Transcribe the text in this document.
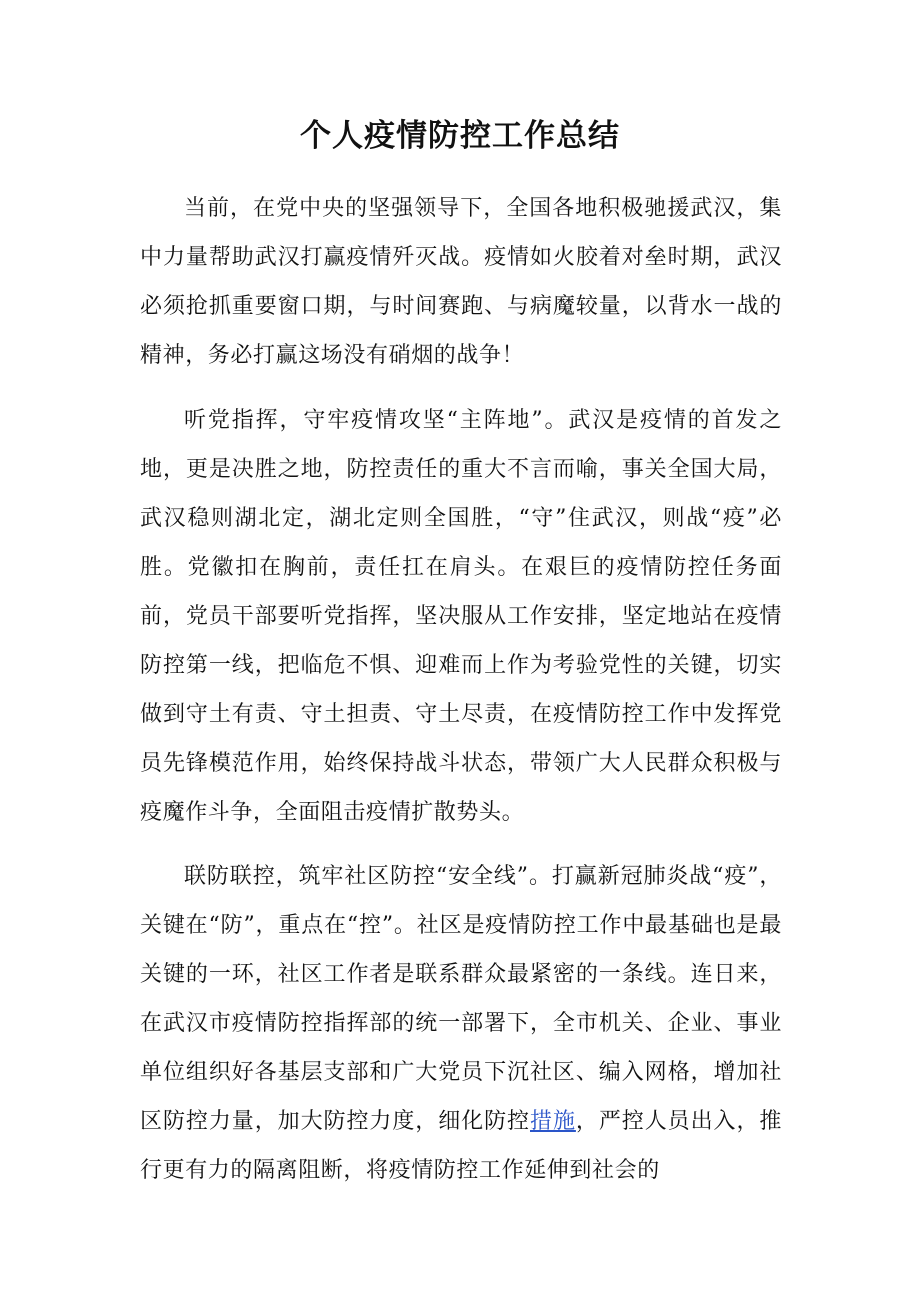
个人疫情防控工作总结

当前，在党中央的坚强领导下，全国各地积极驰援武汉，集中力量帮助武汉打赢疫情歼灭战。疫情如火胶着对垒时期，武汉必须抢抓重要窗口期，与时间赛跑、与病魔较量，以背水一战的精神，务必打赢这场没有硝烟的战争！

听党指挥，守牢疫情攻坚“主阵地”。武汉是疫情的首发之地，更是决胜之地，防控责任的重大不言而喻，事关全国大局，武汉稳则湖北定，湖北定则全国胜，“守”住武汉，则战“疫”必胜。党徽扣在胸前，责任扛在肩头。在艰巨的疫情防控任务面前，党员干部要听党指挥，坚决服从工作安排，坚定地站在疫情防控第一线，把临危不惧、迎难而上作为考验党性的关键，切实做到守土有责、守土担责、守土尽责，在疫情防控工作中发挥党员先锋模范作用，始终保持战斗状态，带领广大人民群众积极与疫魔作斗争，全面阻击疫情扩散势头。

联防联控，筑牢社区防控“安全线”。打赢新冠肺炎战“疫”，关键在“防”，重点在“控”。社区是疫情防控工作中最基础也是最关键的一环，社区工作者是联系群众最紧密的一条线。连日来，在武汉市疫情防控指挥部的统一部署下，全市机关、企业、事业单位组织好各基层支部和广大党员下沉社区、编入网格，增加社区防控力量，加大防控力度，细化防控措施，严控人员出入，推行更有力的隔离阻断，将疫情防控工作延伸到社会的
